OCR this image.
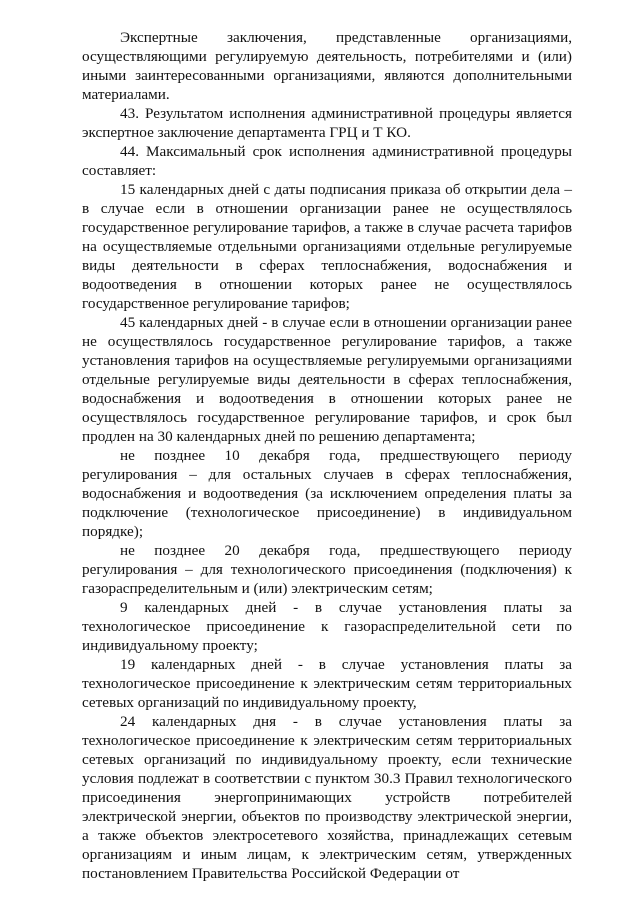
Экспертные заключения, представленные организациями, осуществляющими регулируемую деятельность, потребителями и (или) иными заинтересованными организациями, являются дополнительными материалами.

43. Результатом исполнения административной процедуры является экспертное заключение департамента ГРЦ и Т КО.

44. Максимальный срок исполнения административной процедуры составляет:

15 календарных дней с даты подписания приказа об открытии дела – в случае если в отношении организации ранее не осуществлялось государственное регулирование тарифов, а также в случае расчета тарифов на осуществляемые отдельными организациями отдельные регулируемые виды деятельности в сферах теплоснабжения, водоснабжения и водоотведения в отношении которых ранее не осуществлялось государственное регулирование тарифов;

45 календарных дней - в случае если в отношении организации ранее не осуществлялось государственное регулирование тарифов, а также установления тарифов на осуществляемые регулируемыми организациями отдельные регулируемые виды деятельности в сферах теплоснабжения, водоснабжения и водоотведения в отношении которых ранее не осуществлялось государственное регулирование тарифов, и срок был продлен на 30 календарных дней по решению департамента;

не позднее 10 декабря года, предшествующего периоду регулирования – для остальных случаев в сферах теплоснабжения, водоснабжения и водоотведения (за исключением определения платы за подключение (технологическое присоединение) в индивидуальном порядке);

не позднее 20 декабря года, предшествующего периоду регулирования – для технологического присоединения (подключения) к газораспределительным и (или) электрическим сетям;

9 календарных дней - в случае установления платы за технологическое присоединение к газораспределительной сети по индивидуальному проекту;

19 календарных дней - в случае установления платы за технологическое присоединение к электрическим сетям территориальных сетевых организаций по индивидуальному проекту,

24 календарных дня - в случае установления платы за технологическое присоединение к электрическим сетям территориальных сетевых организаций по индивидуальному проекту, если технические условия подлежат в соответствии с пунктом 30.3 Правил технологического присоединения энергопринимающих устройств потребителей электрической энергии, объектов по производству электрической энергии, а также объектов электросетевого хозяйства, принадлежащих сетевым организациям и иным лицам, к электрическим сетям, утвержденных постановлением Правительства Российской Федерации от
